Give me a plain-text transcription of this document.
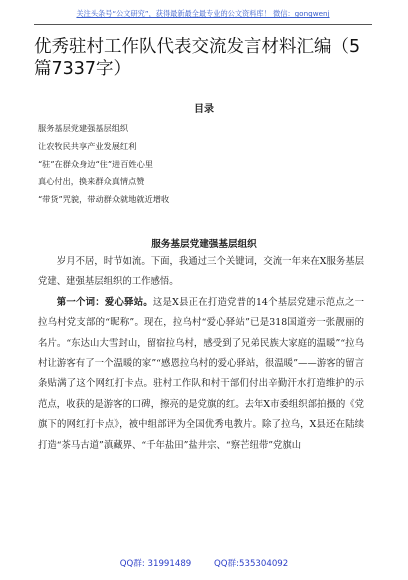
关注头条号“公文研究”，获得最新最全最专业的公文资料库！ 微信：gongwenj
优秀驻村工作队代表交流发言材料汇编（5篇7337字）
目录
服务基层党建强基层组织
让农牧民共享产业发展红利
“驻”在群众身边“住”进百姓心里
真心付出，换来群众真情点赞
“带货”咒貌，带动群众就地就近增收
服务基层党建强基层组织

岁月不居，时节如流。下面，我通过三个关键词，交流一年来在X服务基层党建、建强基层组织的工作感悟。

第一个词：爱心驿站。这是X县正在打造党普的14个基层党建示范点之一拉乌村党支部的“昵称”。现在，拉乌村“爱心驿站”已是318国道旁一张靓丽的名片。“东达山大雪封山，留宿拉乌村，感受到了兄弟民族大家庭的温暖”“拉乌村让游客有了一个温暖的家”“感恩拉乌村的爱心驿站，很温暖”——游客的留言条贴满了这个网红打卡点。驻村工作队和村干部们付出辛勤汗水打造维护的示范点，收获的是游客的口碑，擦亮的是党旗的红。去年X市委组织部拍摄的《党旗下的网红打卡点》，被中组部评为全国优秀电教片。除了拉乌，X县还在陆续打造“茶马古道”滇藏界、“千年盐田”盐井宗、“察芒纽带”党旗山

QQ群: 31991489	QQ群:535304092
